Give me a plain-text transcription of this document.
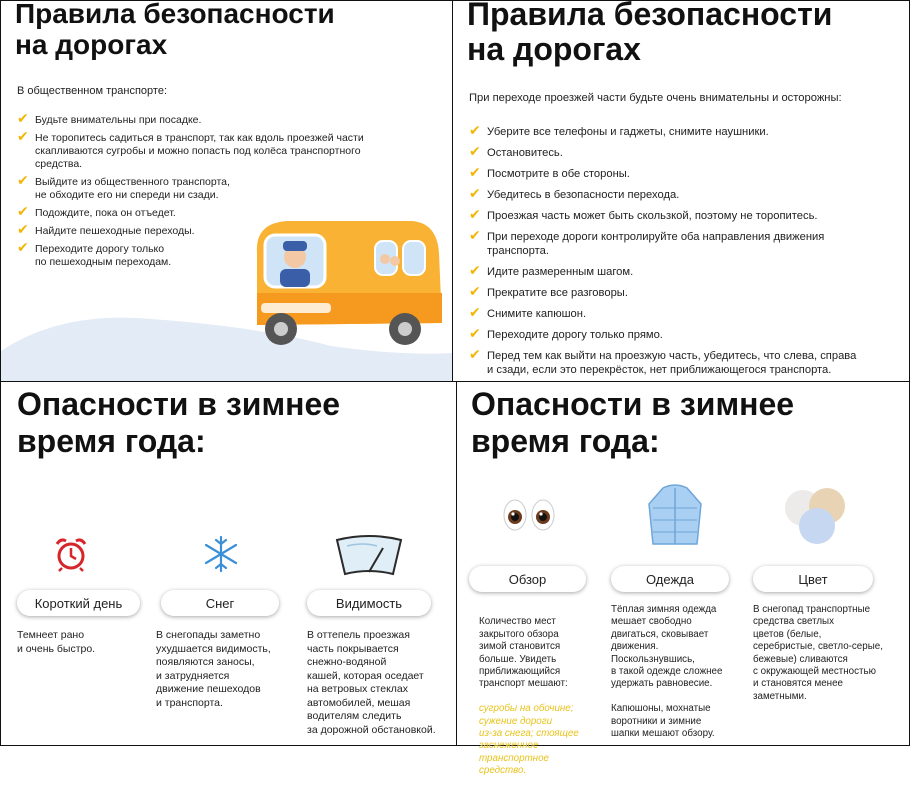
Правила безопасности
на дорогах
В общественном транспорте:
✔ Будьте внимательны при посадке.
✔ Не торопитесь садиться в транспорт, так как вдоль проезжей части
скапливаются сугробы и можно попасть под колёса транспортного
средства.
✔ Выйдите из общественного транспорта,
не обходите его ни спереди ни сзади.
✔ Подождите, пока он отъедет.
✔ Найдите пешеходные переходы.
✔ Переходите дорогу только
по пешеходным переходам.
Правила безопасности
на дорогах
При переходе проезжей части будьте очень внимательны и осторожны:
✔ Уберите все телефоны и гаджеты, снимите наушники.
✔ Остановитесь.
✔ Посмотрите в обе стороны.
✔ Убедитесь в безопасности перехода.
✔ Проезжая часть может быть скользкой, поэтому не торопитесь.
✔ При переходе дороги контролируйте оба направления движения
транспорта.
✔ Идите размеренным шагом.
✔ Прекратите все разговоры.
✔ Снимите капюшон.
✔ Переходите дорогу только прямо.
✔ Перед тем как выйти на проезжую часть, убедитесь, что слева, справа
и сзади, если это перекрёсток, нет приближающегося транспорта.
Опасности в зимнее
время года:
Короткий день	Снег	Видимость
Темнеет рано
и очень быстро.
В снегопады заметно
ухудшается видимость,
появляются заносы,
и затрудняется
движение пешеходов
и транспорта.
В оттепель проезжая
часть покрывается
снежно-водяной
кашей, которая оседает
на ветровых стеклах
автомобилей, мешая
водителям следить
за дорожной обстановкой.
Опасности в зимнее
время года:
Обзор	Одежда	Цвет

Количество мест
закрытого обзора
зимой становится
больше. Увидеть
приближающийся
транспорт мешают:

сугробы на обочине;
сужение дороги
из-за снега; стоящее
заснеженное
транспортное
средство.

Тёплая зимняя одежда
мешает свободно
двигаться, сковывает
движения.
Поскользнувшись,
в такой одежде сложнее
удержать равновесие.

Капюшоны, мохнатые
воротники и зимние
шапки мешают обзору.
В снегопад транспортные
средства светлых
цветов (белые,
серебристые, светло-серые,
бежевые) сливаются
с окружающей местностью
и становятся менее
заметными.
